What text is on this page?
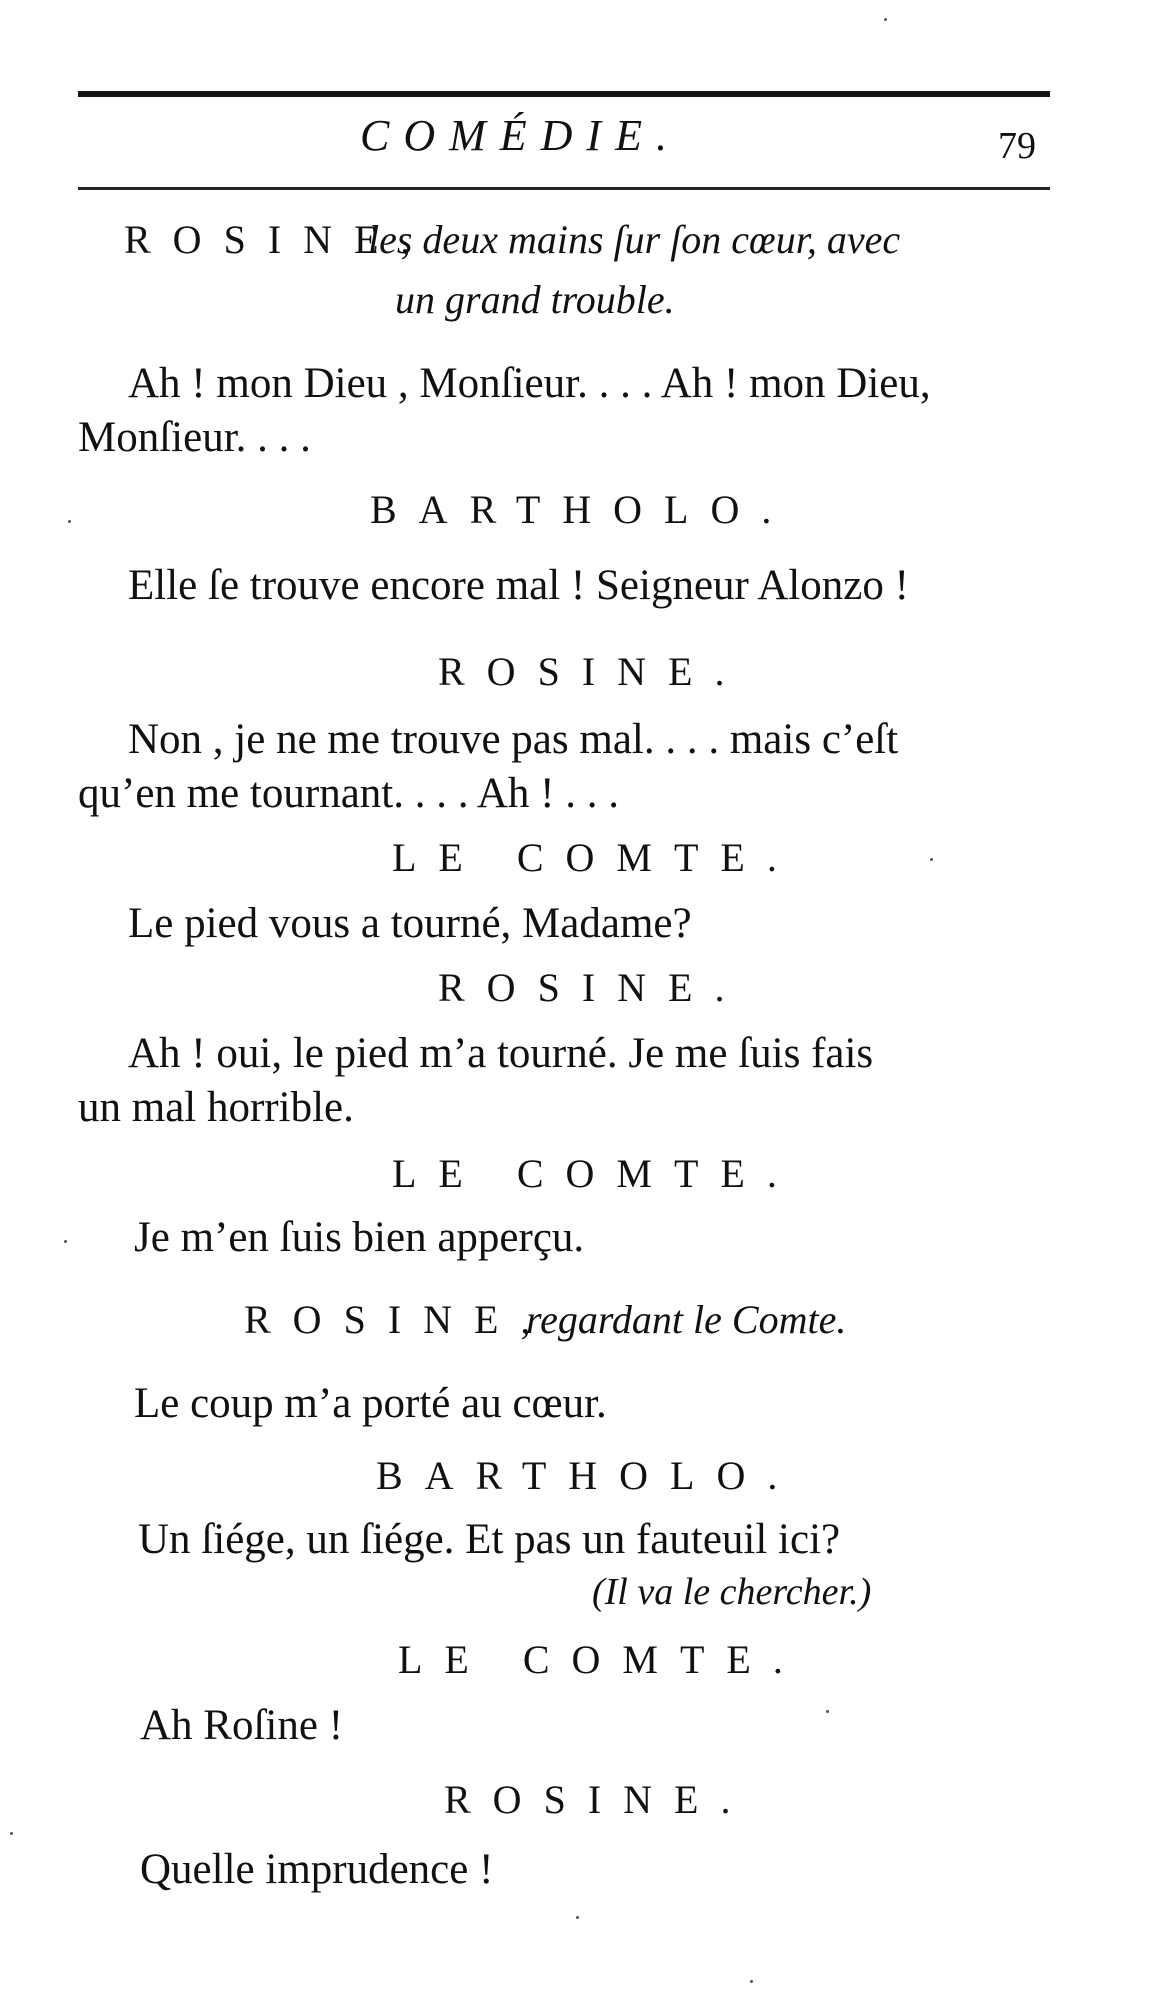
COMÉDIE.	79
ROSINE,
les deux mains ſur ſon cœur, avec
un grand trouble.
Ah ! mon Dieu , Monſieur. . . . Ah ! mon Dieu,
Monſieur. . . .
BARTHOLO.
Elle ſe trouve encore mal ! Seigneur Alonzo !
ROSINE.
Non , je ne me trouve pas mal. . . . mais c’eſt
qu’en me tournant. . . . Ah ! . . .
LE COMTE.
Le pied vous a tourné, Madame?
ROSINE.
Ah ! oui, le pied m’a tourné. Je me ſuis fais
un mal horrible.
LE COMTE.
Je m’en ſuis bien apperçu.
ROSINE,
regardant le Comte.
Le coup m’a porté au cœur.
BARTHOLO.
Un ſiége, un ſiége. Et pas un fauteuil ici?
(Il va le chercher.)
LE COMTE.
Ah Roſine !
ROSINE.
Quelle imprudence !
